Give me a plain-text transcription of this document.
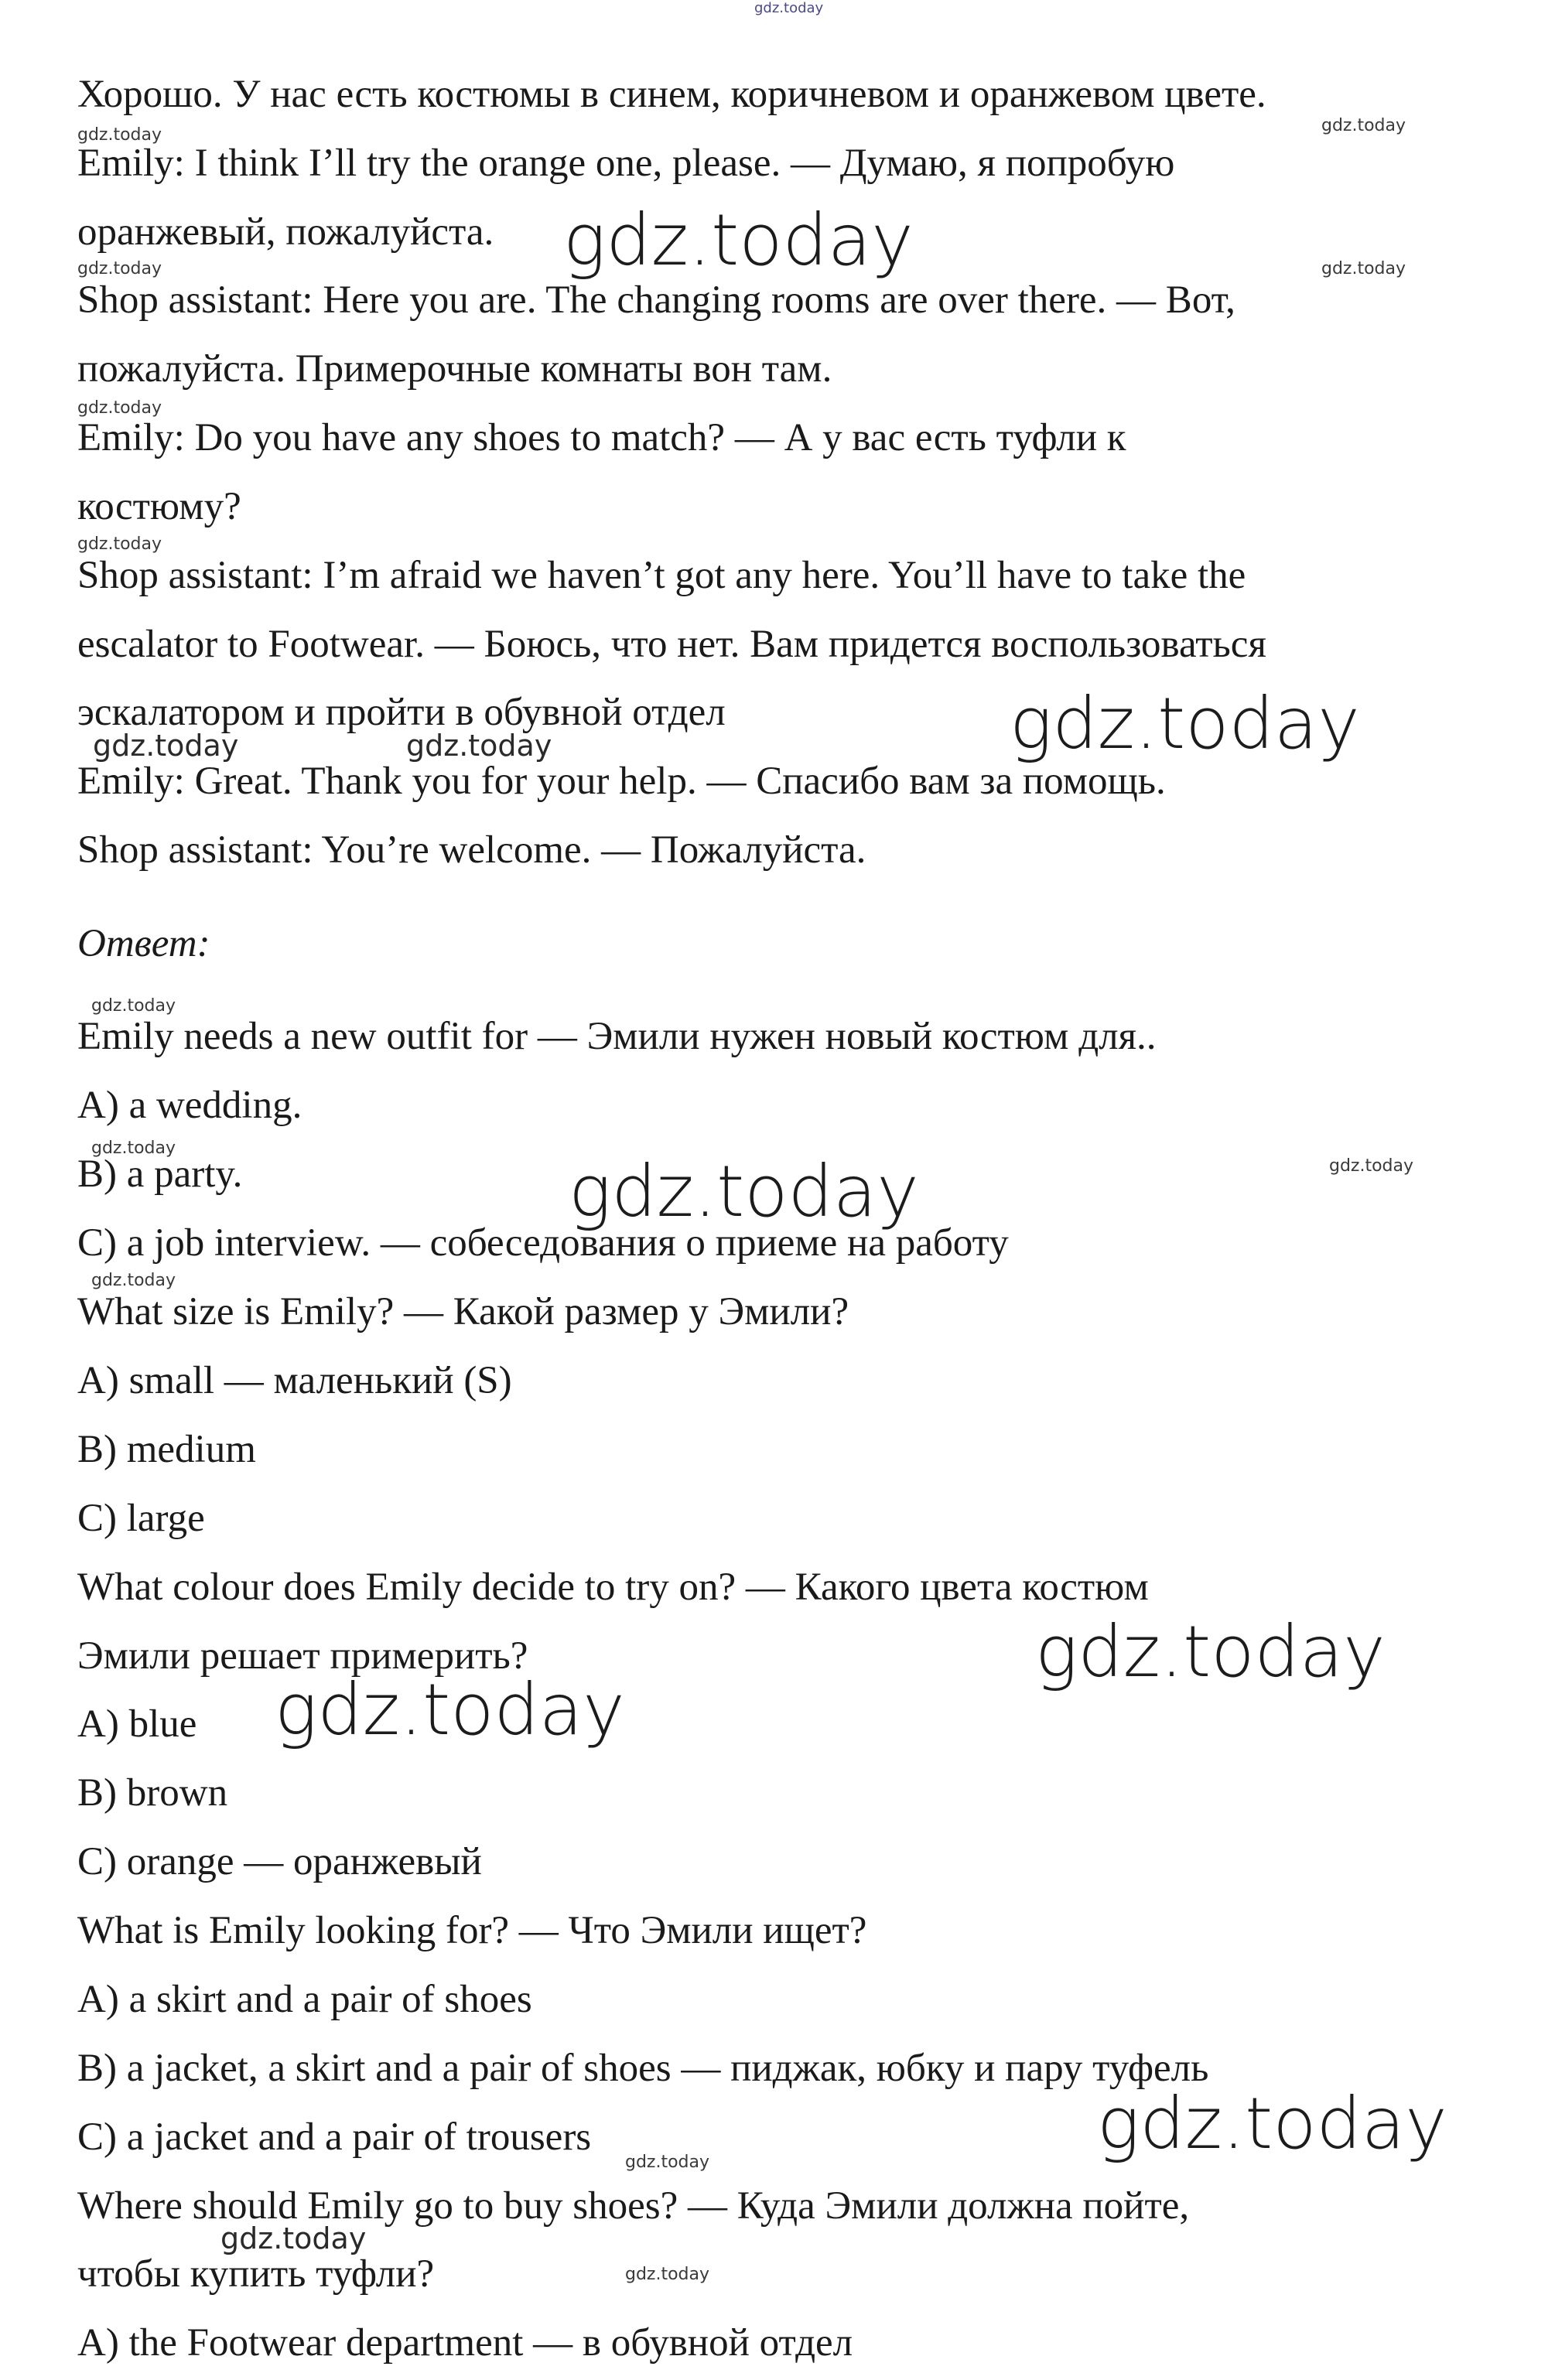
gdz.today
Хорошо. У нас есть костюмы в синем, коричневом и оранжевом цвете.
Emily: I think I’ll try the orange one, please. — Думаю, я попробую
оранжевый, пожалуйста.
Shop assistant: Here you are. The changing rooms are over there. — Вот,
пожалуйста. Примерочные комнаты вон там.
Emily: Do you have any shoes to match? — А у вас есть туфли к
костюму?
Shop assistant: I’m afraid we haven’t got any here. You’ll have to take the
escalator to Footwear. — Боюсь, что нет. Вам придется воспользоваться
эскалатором и пройти в обувной отдел
Emily: Great. Thank you for your help. — Спасибо вам за помощь.
Shop assistant: You’re welcome. — Пожалуйста.
Ответ:
Emily needs a new outfit for — Эмили нужен новый костюм для..
A) a wedding.
B) a party.
C) a job interview. — собеседования о приеме на работу
What size is Emily? — Какой размер у Эмили?
A) small — маленький (S)
B) medium
C) large
What colour does Emily decide to try on? — Какого цвета костюм
Эмили решает примерить?
A) blue
B) brown
C) orange — оранжевый
What is Emily looking for? — Что Эмили ищет?
A) a skirt and a pair of shoes
B) a jacket, a skirt and a pair of shoes — пиджак, юбку и пару туфель
C) a jacket and a pair of trousers
Where should Emily go to buy shoes? — Куда Эмили должна пойте,
чтобы купить туфли?
A) the Footwear department — в обувной отдел
gdz.today	gdz.today
gdz.today	gdz.today
gdz.today
gdz.today
gdz.today
gdz.today
gdz.today
gdz.today
gdz.today
gdz.today
gdz.today	gdz.today
gdz.today
gdz.today
gdz.today
gdz.today
gdz.today
gdz.today
gdz.today
